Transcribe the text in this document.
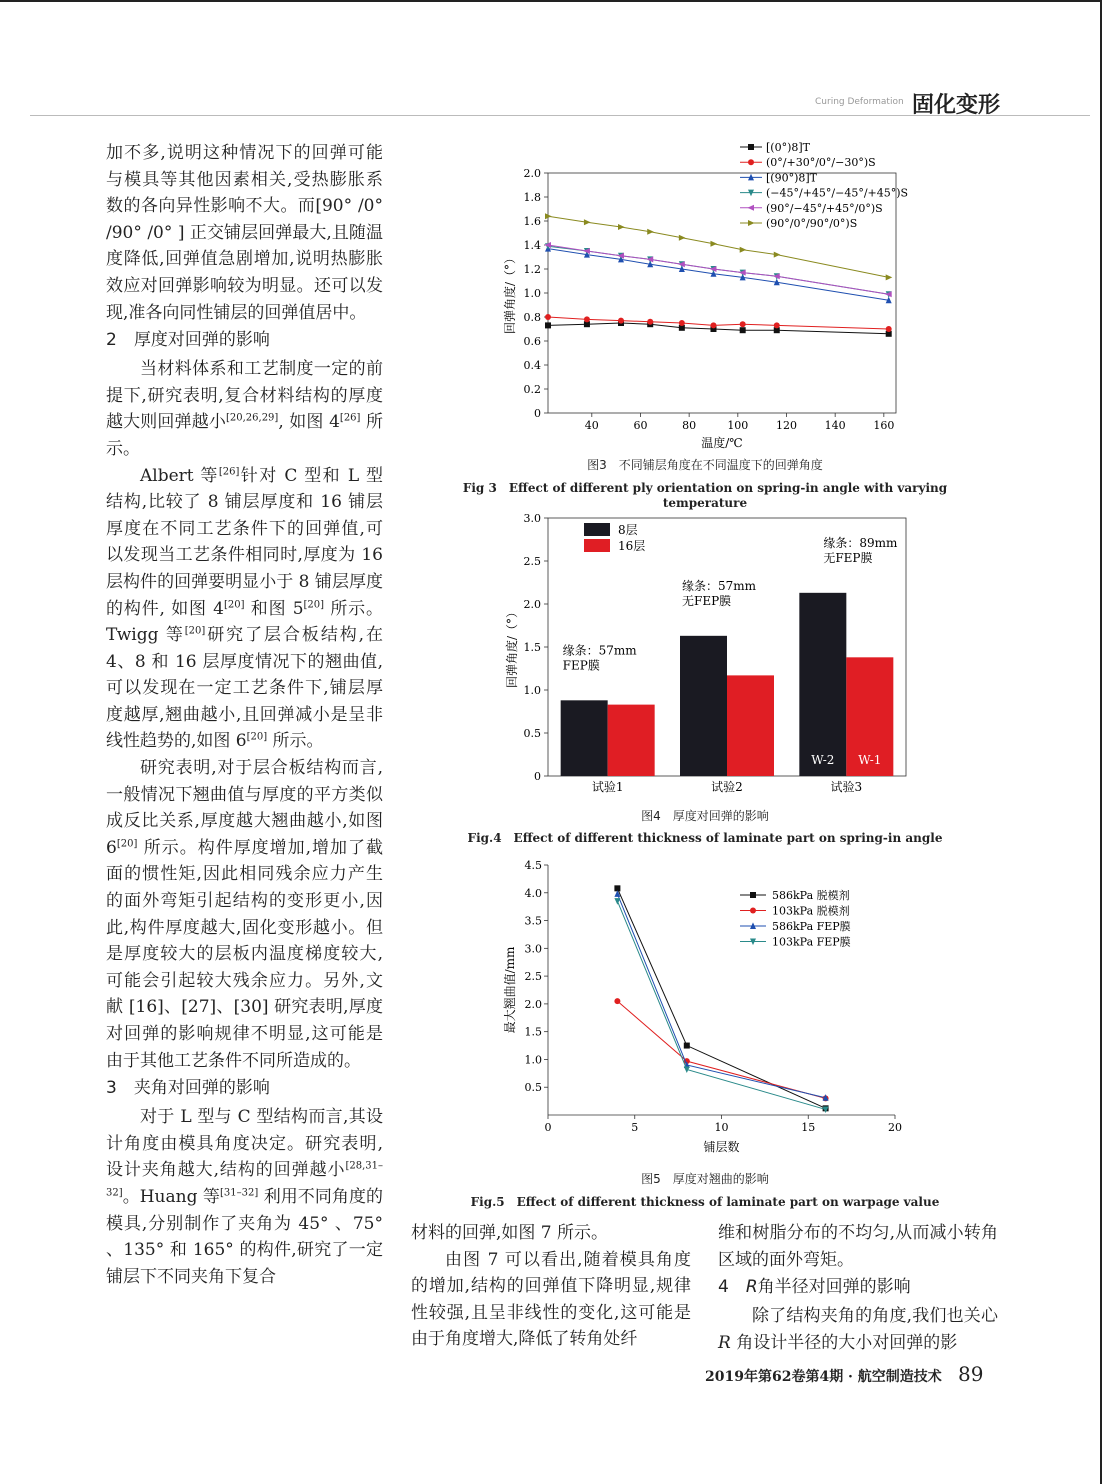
Curing Deformation 固化变形

加不多,说明这种情况下的回弹可能与模具等其他因素相关,受热膨胀系数的各向异性影响不大。而[90° /0° /90° /0° ] 正交铺层回弹最大,且随温度降低,回弹值急剧增加,说明热膨胀效应对回弹影响较为明显。还可以发现,准各向同性铺层的回弹值居中。

2　厚度对回弹的影响

当材料体系和工艺制度一定的前提下,研究表明,复合材料结构的厚度越大则回弹越小[20,26,29], 如图 4[26] 所示。

Albert 等[26]针对 C 型和 L 型结构,比较了 8 铺层厚度和 16 铺层厚度在不同工艺条件下的回弹值,可以发现当工艺条件相同时,厚度为 16 层构件的回弹要明显小于 8 铺层厚度的构件, 如图 4[20] 和图 5[20] 所示。Twigg 等[20]研究了层合板结构,在 4、8 和 16 层厚度情况下的翘曲值,可以发现在一定工艺条件下,铺层厚度越厚,翘曲越小,且回弹减小是呈非线性趋势的,如图 6[20] 所示。

研究表明,对于层合板结构而言,一般情况下翘曲值与厚度的平方类似成反比关系,厚度越大翘曲越小,如图 6[20] 所示。构件厚度增加,增加了截面的惯性矩,因此相同残余应力产生的面外弯矩引起结构的变形更小,因此,构件厚度越大,固化变形越小。但是厚度较大的层板内温度梯度较大,可能会引起较大残余应力。另外,文献 [16]、[27]、[30] 研究表明,厚度对回弹的影响规律不明显,这可能是由于其他工艺条件不同所造成的。

3　夹角对回弹的影响

对于 L 型与 C 型结构而言,其设计角度由模具角度决定。研究表明,设计夹角越大,结构的回弹越小[28,31–32]。Huang 等[31–32] 利用不同角度的模具,分别制作了夹角为 45° 、75° 、135° 和 165° 的构件,研究了一定铺层下不同夹角下复合

材料的回弹,如图 7 所示。

由图 7 可以看出,随着模具角度的增加,结构的回弹值下降明显,规律性较强,且呈非线性的变化,这可能是由于角度增大,降低了转角处纤

维和树脂分布的不均匀,从而减小转角区域的面外弯矩。

4　R角半径对回弹的影响

除了结构夹角的角度,我们也关心 R 角设计半径的大小对回弹的影

0
0.2
0.4
0.6
0.8
1.0
1.2
1.4
1.6
1.8
2.0
40	60	80	100	120	140	160
温度/℃
回弹角度/（°）
[(0°)8]T
(0°/+30°/0°/−30°)S
[(90°)8]T
(−45°/+45°/−45°/+45°)S
(90°/−45°/+45°/0°)S
(90°/0°/90°/0°)S
图3　不同铺层角度在不同温度下的回弹角度
Fig 3　Effect of different ply orientation on spring-in angle with varying temperature
0
0.5
1.0
1.5
2.0
2.5
3.0
回弹角度/（°）
试验1
缘条：57mm
FEP膜
试验2
缘条：57mm
无FEP膜
试验3
缘条：89mm
无FEP膜
W-2 W-1
8层
16层
图4　厚度对回弹的影响
Fig.4　Effect of different thickness of laminate part on spring-in angle
0.5
1.0
1.5
2.0
2.5
3.0
3.5
4.0
4.5
0	5	10	15	20
铺层数
最大翘曲值/mm
586kPa 脱模剂
103kPa 脱模剂
586kPa FEP膜
103kPa FEP膜
图5　厚度对翘曲的影响
Fig.5　Effect of different thickness of laminate part on warpage value
2019年第62卷第4期 · 航空制造技术 89
